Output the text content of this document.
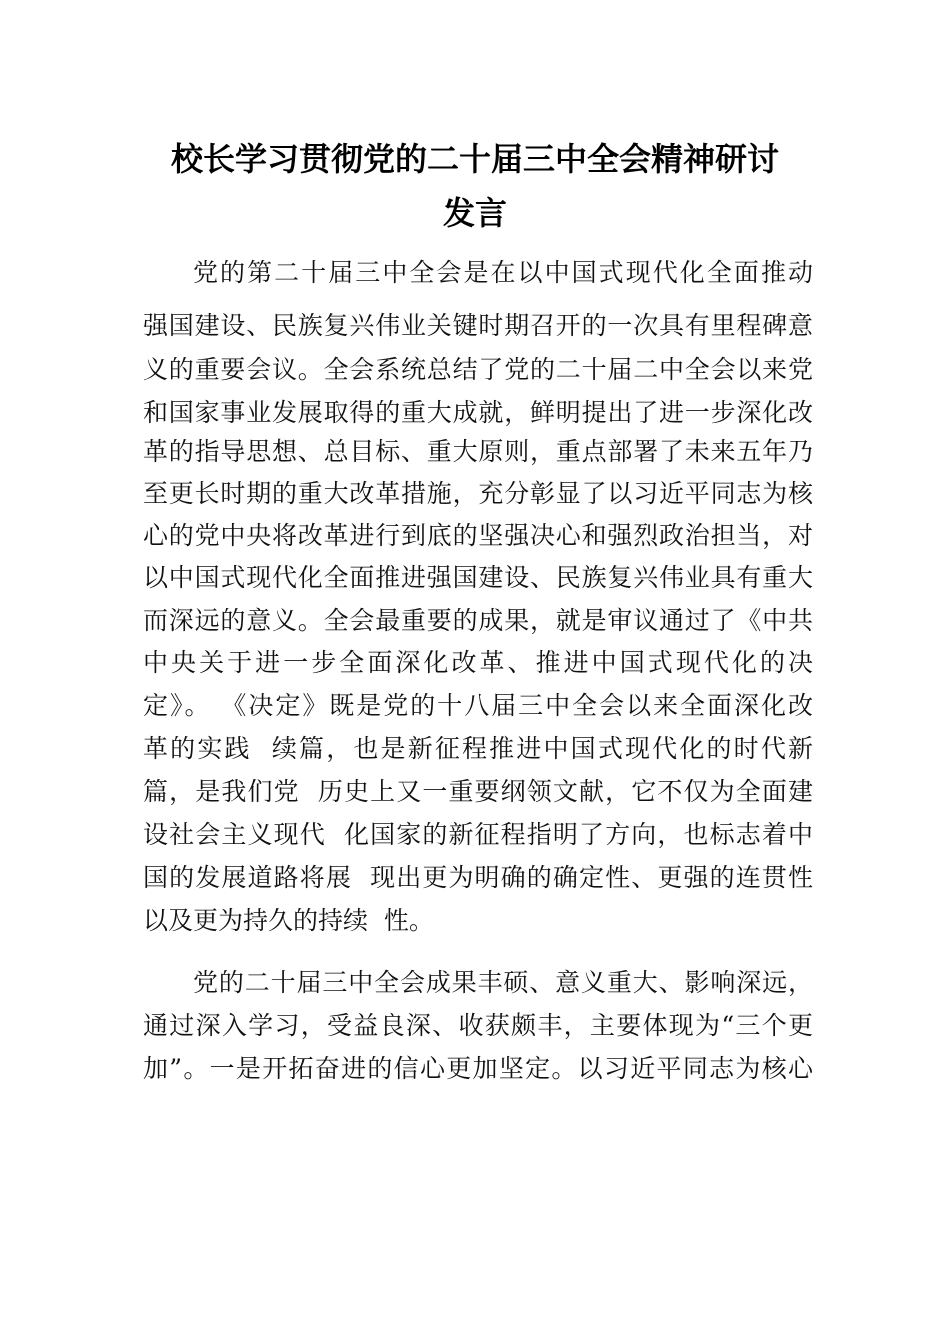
校长学习贯彻党的二十届三中全会精神研讨
发言

党的第二十届三中全会是在以中国式现代化全面推动

强国建设、民族复兴伟业关键时期召开的一次具有里程碑意

义的重要会议。全会系统总结了党的二十届二中全会以来党

和国家事业发展取得的重大成就，鲜明提出了进一步深化改

革的指导思想、总目标、重大原则，重点部署了未来五年乃

至更长时期的重大改革措施，充分彰显了以习近平同志为核

心的党中央将改革进行到底的坚强决心和强烈政治担当，对

以中国式现代化全面推进强国建设、民族复兴伟业具有重大

而深远的意义。全会最重要的成果，就是审议通过了《中共

中央关于进一步全面深化改革、推进中国式现代化的决

定》。 《决定》既是党的十八届三中全会以来全面深化改

革的实践  续篇，也是新征程推进中国式现代化的时代新

篇，是我们党  历史上又一重要纲领文献，它不仅为全面建

设社会主义现代  化国家的新征程指明了方向，也标志着中

国的发展道路将展  现出更为明确的确定性、更强的连贯性

以及更为持久的持续  性。

党的二十届三中全会成果丰硕、意义重大、影响深远，

通过深入学习，受益良深、收获颇丰，主要体现为“三个更

加”。一是开拓奋进的信心更加坚定。以习近平同志为核心
